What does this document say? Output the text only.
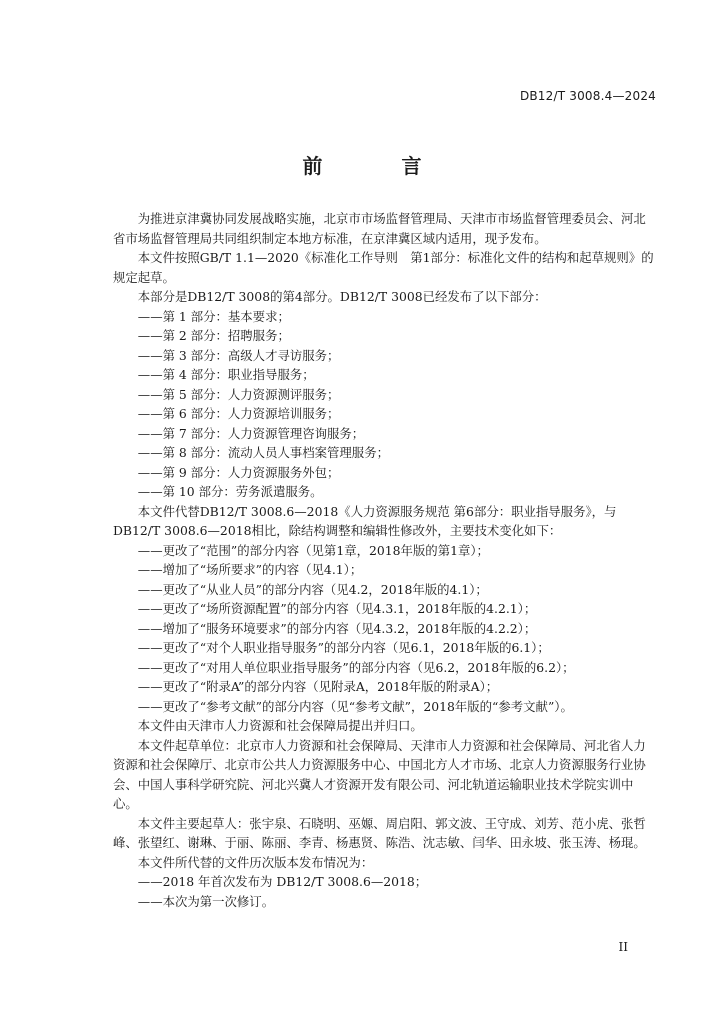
DB12/T 3008.4—2024
前 言

为推进京津冀协同发展战略实施，北京市市场监督管理局、天津市市场监督管理委员会、河北省市场监督管理局共同组织制定本地方标准，在京津冀区域内适用，现予发布。

本文件按照GB/T 1.1—2020《标准化工作导则　第1部分：标准化文件的结构和起草规则》的规定起草。

本部分是DB12/T 3008的第4部分。DB12/T 3008已经发布了以下部分：

——第 1 部分：基本要求；

——第 2 部分：招聘服务；

——第 3 部分：高级人才寻访服务；

——第 4 部分：职业指导服务；

——第 5 部分：人力资源测评服务；

——第 6 部分：人力资源培训服务；

——第 7 部分：人力资源管理咨询服务；

——第 8 部分：流动人员人事档案管理服务；

——第 9 部分：人力资源服务外包；

——第 10 部分：劳务派遣服务。

本文件代替DB12/T 3008.6—2018《人力资源服务规范 第6部分：职业指导服务》，与DB12/T 3008.6—2018相比，除结构调整和编辑性修改外，主要技术变化如下：

——更改了“范围”的部分内容（见第1章，2018年版的第1章）；

——增加了“场所要求”的内容（见4.1）；

——更改了“从业人员”的部分内容（见4.2，2018年版的4.1）；

——更改了“场所资源配置”的部分内容（见4.3.1，2018年版的4.2.1）；

——增加了“服务环境要求”的部分内容（见4.3.2，2018年版的4.2.2）；

——更改了“对个人职业指导服务”的部分内容（见6.1，2018年版的6.1）；

——更改了“对用人单位职业指导服务”的部分内容（见6.2，2018年版的6.2）；

——更改了“附录A”的部分内容（见附录A，2018年版的附录A）；

——更改了“参考文献”的部分内容（见“参考文献”，2018年版的“参考文献”）。

本文件由天津市人力资源和社会保障局提出并归口。

本文件起草单位：北京市人力资源和社会保障局、天津市人力资源和社会保障局、河北省人力资源和社会保障厅、北京市公共人力资源服务中心、中国北方人才市场、北京人力资源服务行业协会、中国人事科学研究院、河北兴冀人才资源开发有限公司、河北轨道运输职业技术学院实训中心。

本文件主要起草人：张宇泉、石晓明、巫嫄、周启阳、郭文波、王守成、刘芳、范小虎、张哲峰、张望红、谢琳、于丽、陈丽、李青、杨惠贤、陈浩、沈志敏、闫华、田永坡、张玉涛、杨琨。

本文件所代替的文件历次版本发布情况为：

——2018 年首次发布为 DB12/T 3008.6—2018；

——本次为第一次修订。

II
